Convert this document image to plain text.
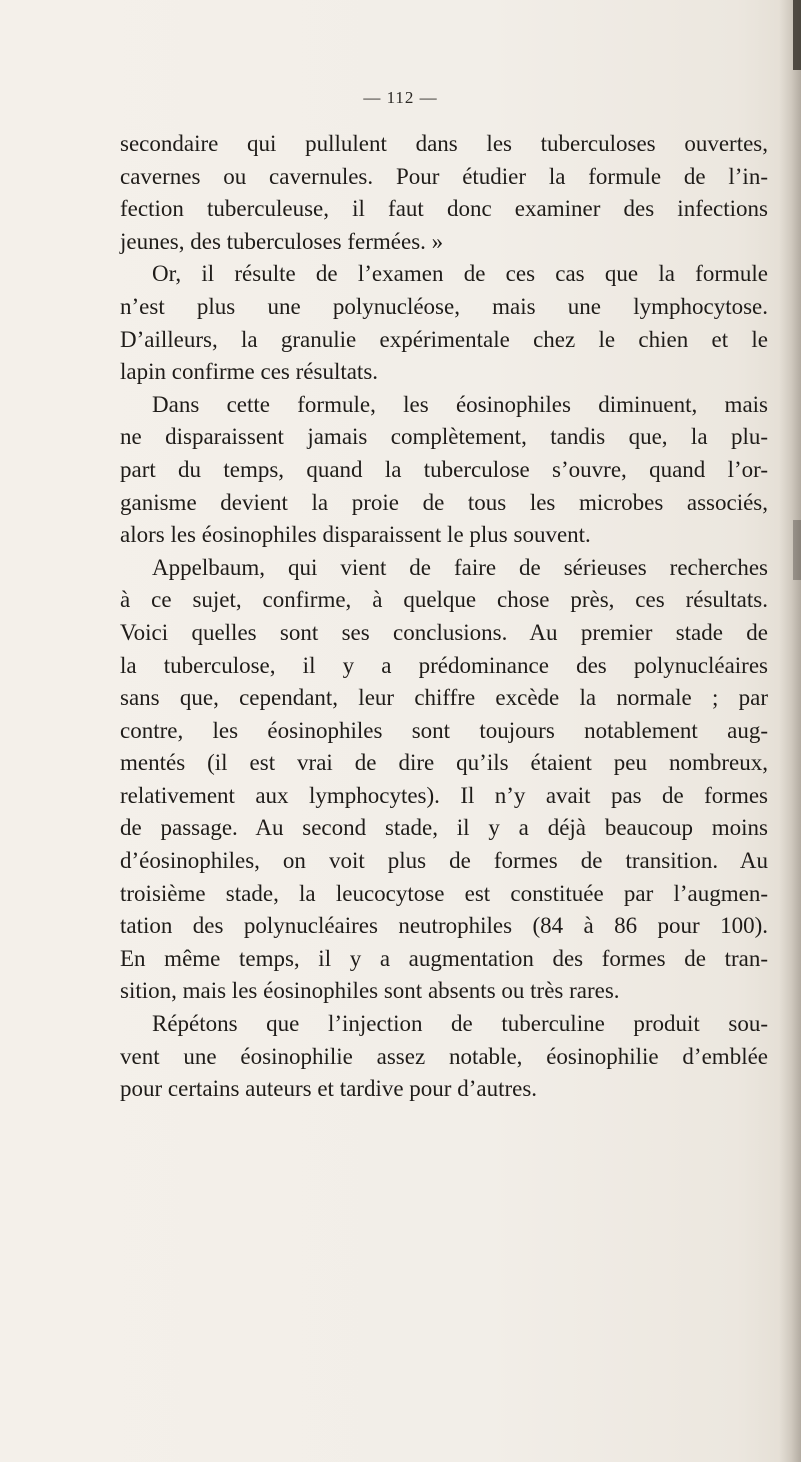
— 112 —

secondaire qui pullulent dans les tuberculoses ouvertes,

cavernes ou cavernules. Pour étudier la formule de l’in-

fection tuberculeuse, il faut donc examiner des infections

jeunes, des tuberculoses fermées. »

Or, il résulte de l’examen de ces cas que la formule

n’est plus une polynucléose, mais une lymphocytose.

D’ailleurs, la granulie expérimentale chez le chien et le

lapin confirme ces résultats.

Dans cette formule, les éosinophiles diminuent, mais

ne disparaissent jamais complètement, tandis que, la plu-

part du temps, quand la tuberculose s’ouvre, quand l’or-

ganisme devient la proie de tous les microbes associés,

alors les éosinophiles disparaissent le plus souvent.

Appelbaum, qui vient de faire de sérieuses recherches

à ce sujet, confirme, à quelque chose près, ces résultats.

Voici quelles sont ses conclusions. Au premier stade de

la tuberculose, il y a prédominance des polynucléaires

sans que, cependant, leur chiffre excède la normale ; par

contre, les éosinophiles sont toujours notablement aug-

mentés (il est vrai de dire qu’ils étaient peu nombreux,

relativement aux lymphocytes). Il n’y avait pas de formes

de passage. Au second stade, il y a déjà beaucoup moins

d’éosinophiles, on voit plus de formes de transition. Au

troisième stade, la leucocytose est constituée par l’augmen-

tation des polynucléaires neutrophiles (84 à 86 pour 100).

En même temps, il y a augmentation des formes de tran-

sition, mais les éosinophiles sont absents ou très rares.

Répétons que l’injection de tuberculine produit sou-

vent une éosinophilie assez notable, éosinophilie d’emblée

pour certains auteurs et tardive pour d’autres.
